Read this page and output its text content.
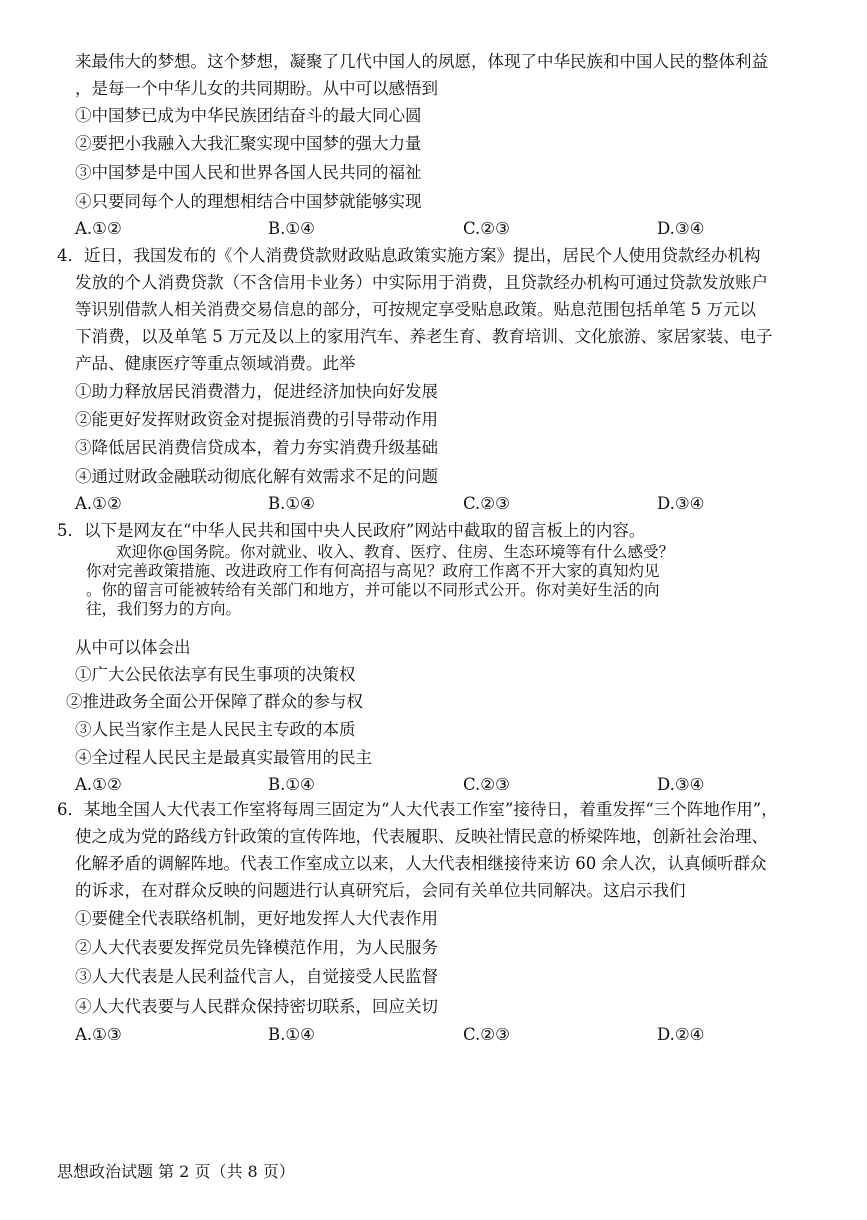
来最伟大的梦想。这个梦想，凝聚了几代中国人的夙愿，体现了中华民族和中国人民的整体利益
，是每一个中华儿女的共同期盼。从中可以感悟到
①中国梦已成为中华民族团结奋斗的最大同心圆
②要把小我融入大我汇聚实现中国梦的强大力量
③中国梦是中国人民和世界各国人民共同的福祉
④只要同每个人的理想相结合中国梦就能够实现
A.①②	B.①④	C.②③	D.③④
4．近日，我国发布的《个人消费贷款财政贴息政策实施方案》提出，居民个人使用贷款经办机构
发放的个人消费贷款（不含信用卡业务）中实际用于消费，且贷款经办机构可通过贷款发放账户
等识别借款人相关消费交易信息的部分，可按规定享受贴息政策。贴息范围包括单笔 5 万元以
下消费，以及单笔 5 万元及以上的家用汽车、养老生育、教育培训、文化旅游、家居家装、电子
产品、健康医疗等重点领域消费。此举
①助力释放居民消费潜力，促进经济加快向好发展
②能更好发挥财政资金对提振消费的引导带动作用
③降低居民消费信贷成本，着力夯实消费升级基础
④通过财政金融联动彻底化解有效需求不足的问题
A.①②	B.①④	C.②③	D.③④
5．以下是网友在“中华人民共和国中央人民政府”网站中截取的留言板上的内容。
欢迎你@国务院。你对就业、收入、教育、医疗、住房、生态环境等有什么感受？
你对完善政策措施、改进政府工作有何高招与高见？政府工作离不开大家的真知灼见
。你的留言可能被转给有关部门和地方，并可能以不同形式公开。你对美好生活的向
往，我们努力的方向。
从中可以体会出
①广大公民依法享有民生事项的决策权
②推进政务全面公开保障了群众的参与权
③人民当家作主是人民民主专政的本质
④全过程人民民主是最真实最管用的民主
A.①②	B.①④	C.②③	D.③④
6．某地全国人大代表工作室将每周三固定为“人大代表工作室”接待日，着重发挥“三个阵地作用”，
使之成为党的路线方针政策的宣传阵地，代表履职、反映社情民意的桥梁阵地，创新社会治理、
化解矛盾的调解阵地。代表工作室成立以来，人大代表相继接待来访 60 余人次，认真倾听群众
的诉求，在对群众反映的问题进行认真研究后，会同有关单位共同解决。这启示我们
①要健全代表联络机制，更好地发挥人大代表作用
②人大代表要发挥党员先锋模范作用，为人民服务
③人大代表是人民利益代言人，自觉接受人民监督
④人大代表要与人民群众保持密切联系，回应关切
A.①③	B.①④	C.②③	D.②④
思想政治试题 第 2 页（共 8 页）
